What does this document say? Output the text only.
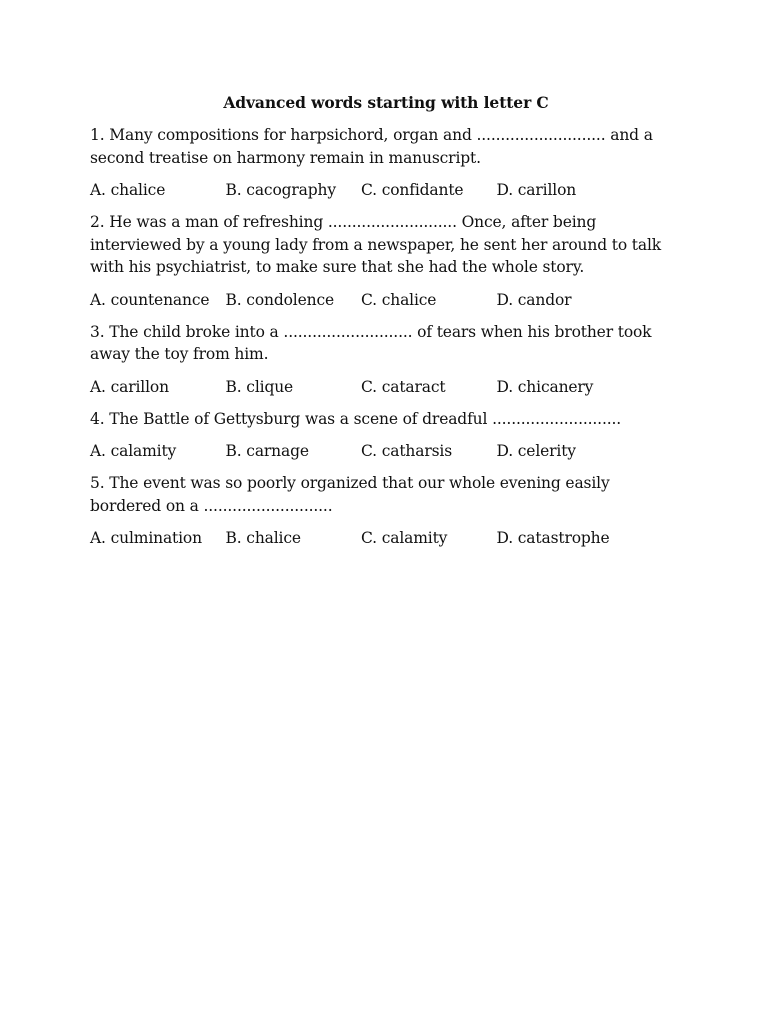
Advanced words starting with letter C
1. Many compositions for harpsichord, organ and ........................... and a second treatise on harmony remain in manuscript.
A. chalice	B. cacography	C. confidante	D. carillon
2. He was a man of refreshing ........................... Once, after being interviewed by a young lady from a newspaper, he sent her around to talk with his psychiatrist, to make sure that she had the whole story.
A. countenance	B. condolence	C. chalice	D. candor
3. The child broke into a ........................... of tears when his brother took away the toy from him.
A. carillon	B. clique	C. cataract	D. chicanery
4. The Battle of Gettysburg was a scene of dreadful ...........................
A. calamity	B. carnage	C. catharsis	D. celerity
5. The event was so poorly organized that our whole evening easily bordered on a ...........................
A. culmination	B. chalice	C. calamity	D. catastrophe
